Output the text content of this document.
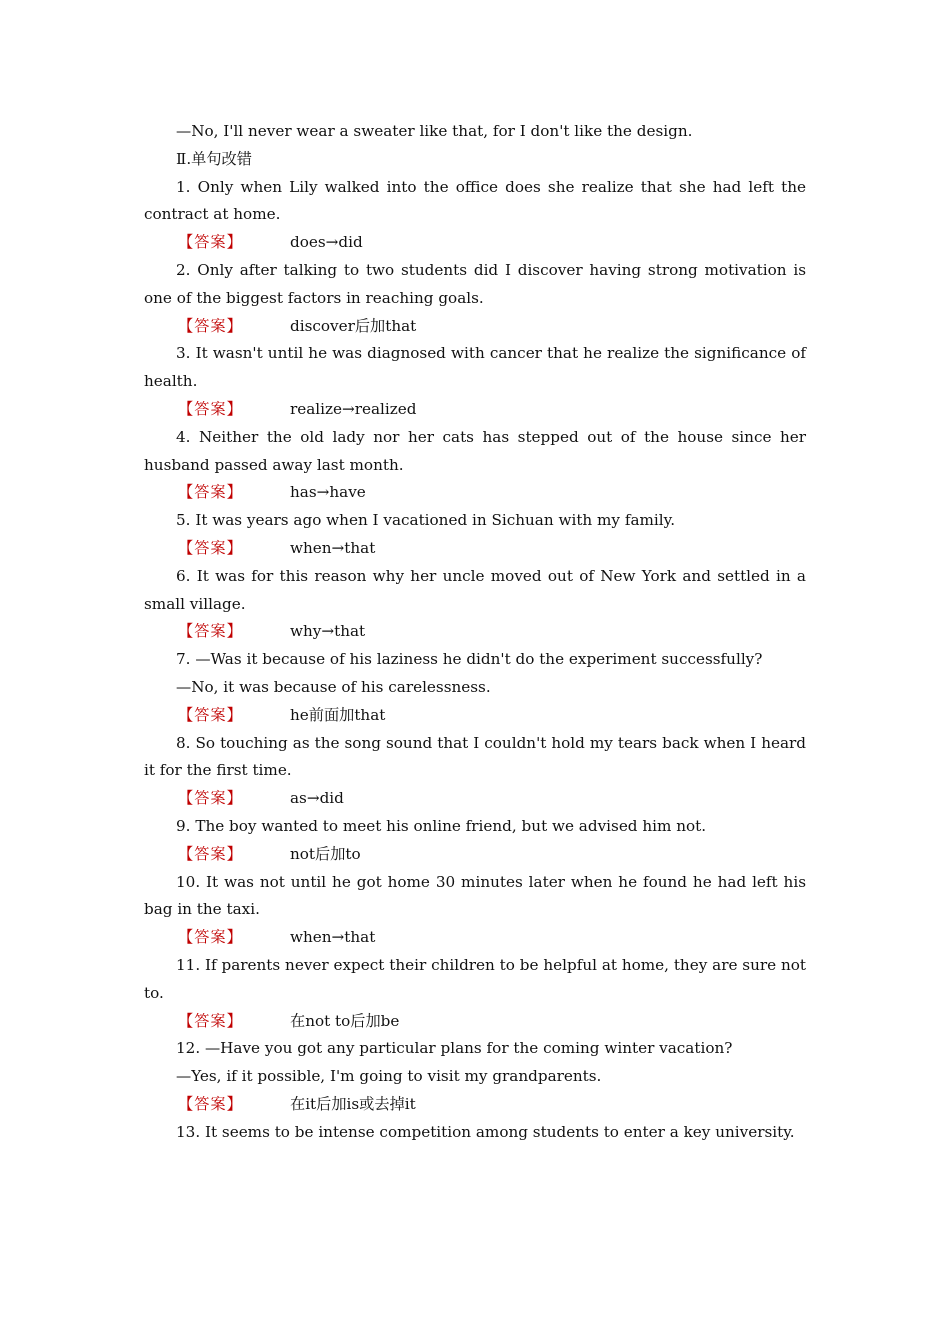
—No, I'll never wear a sweater like that, for I don't like the design.

Ⅱ.单句改错

1. Only when Lily walked into the office does she realize that she had left the contract at home.

【答案】	does→did

2. Only after talking to two students did I discover having strong motivation is one of the biggest factors in reaching goals.

【答案】	discover后加that

3. It wasn't until he was diagnosed with cancer that he realize the significance of health.

【答案】	realize→realized

4. Neither the old lady nor her cats has stepped out of the house since her husband passed away last month.

【答案】	has→have

5. It was years ago when I vacationed in Sichuan with my family.

【答案】	when→that

6. It was for this reason why her uncle moved out of New York and settled in a small village.

【答案】	why→that

7. —Was it because of his laziness he didn't do the experiment successfully?

—No, it was because of his carelessness.

【答案】	he前面加that

8. So touching as the song sound that I couldn't hold my tears back when I heard it for the first time.

【答案】	as→did

9. The boy wanted to meet his online friend, but we advised him not.

【答案】	not后加to

10. It was not until he got home 30 minutes later when he found he had left his bag in the taxi.

【答案】	when→that

11. If parents never expect their children to be helpful at home, they are sure not to.

【答案】	在not to后加be

12. —Have you got any particular plans for the coming winter vacation?

—Yes, if it possible, I'm going to visit my grandparents.

【答案】	在it后加is或去掉it

13. It seems to be intense competition among students to enter a key university.
